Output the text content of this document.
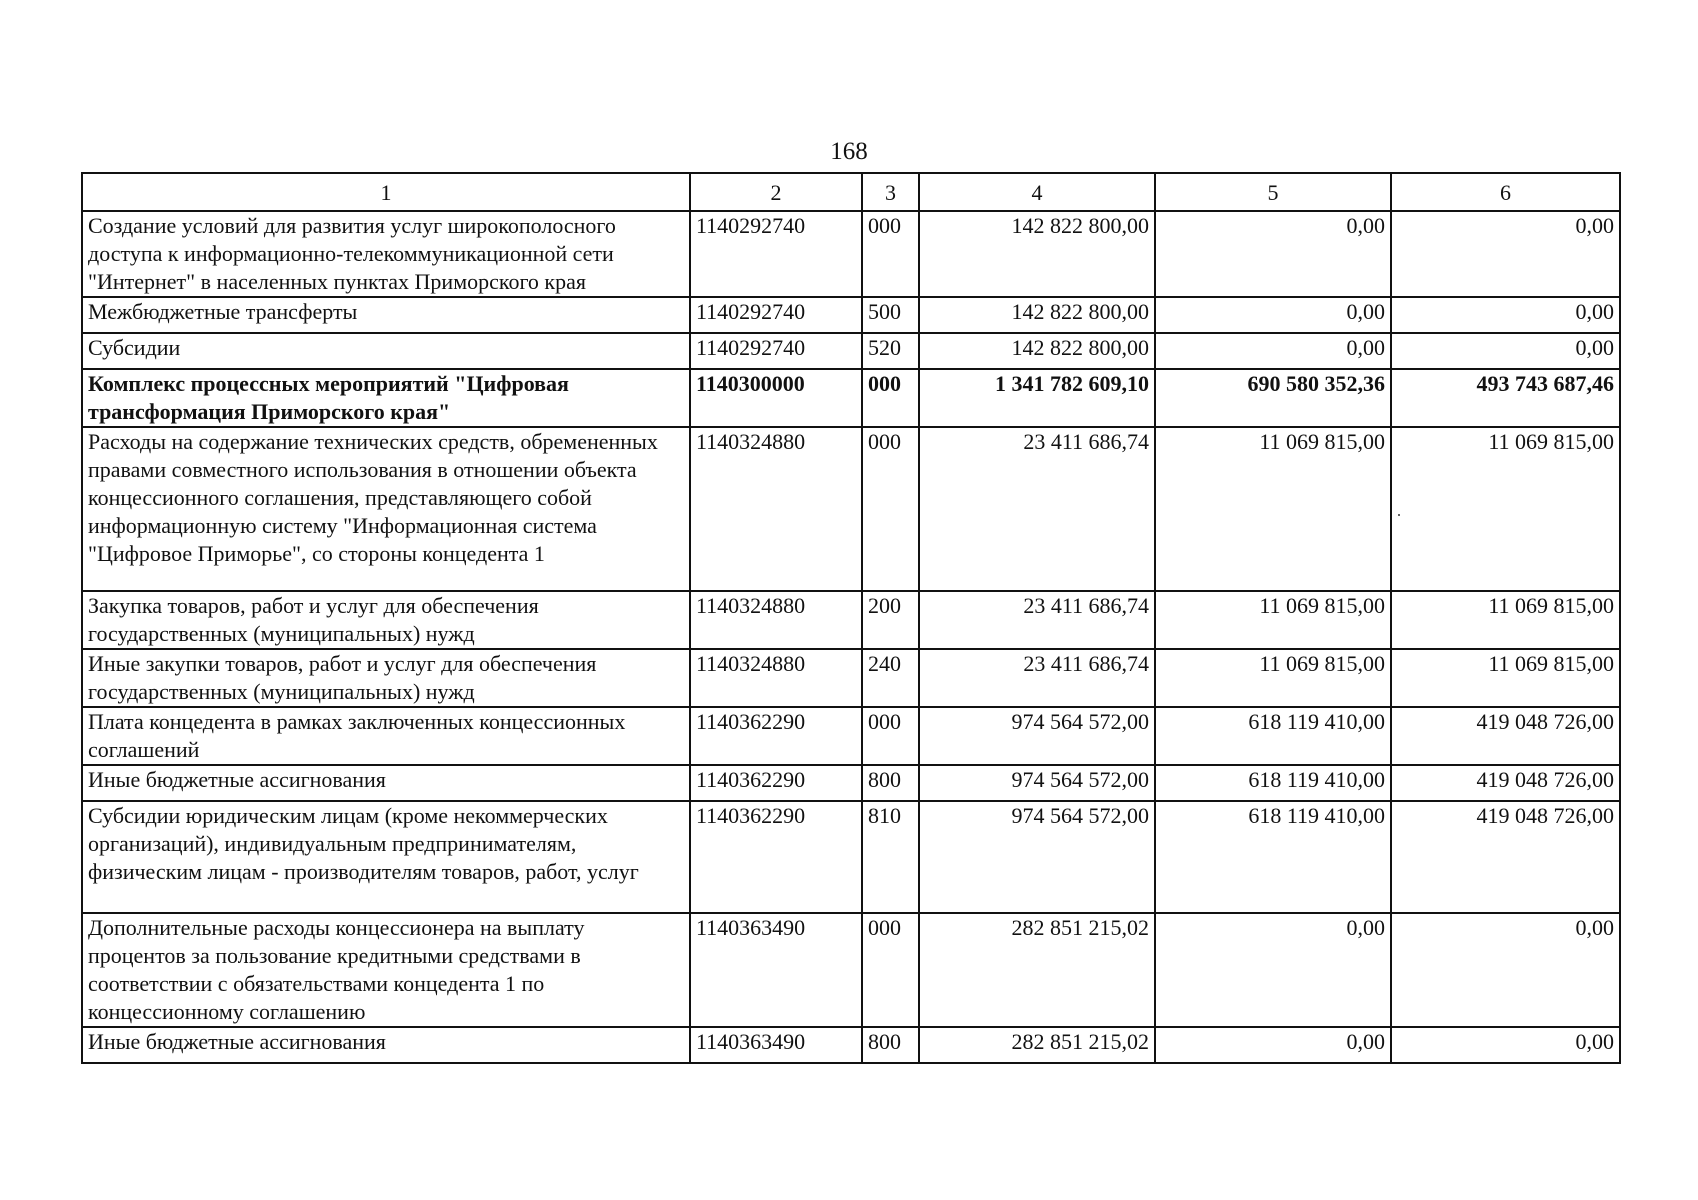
168
1	2	3	4	5	6
Создание условий для развития услуг широкополосного доступа к информационно-телекоммуникационной сети "Интернет" в населенных пунктах Приморского края	1140292740	000	142 822 800,00	0,00	0,00
Межбюджетные трансферты	1140292740	500	142 822 800,00	0,00	0,00
Субсидии	1140292740	520	142 822 800,00	0,00	0,00
Комплекс процессных мероприятий "Цифровая трансформация Приморского края"	1140300000	000	1 341 782 609,10	690 580 352,36	493 743 687,46
Расходы на содержание технических средств, обремененных правами совместного использования в отношении объекта концессионного соглашения, представляющего собой информационную систему "Информационная система "Цифровое Приморье", со стороны концедента 1	1140324880	000	23 411 686,74	11 069 815,00	11 069 815,00
Закупка товаров, работ и услуг для обеспечения государственных (муниципальных) нужд	1140324880	200	23 411 686,74	11 069 815,00	11 069 815,00
Иные закупки товаров, работ и услуг для обеспечения государственных (муниципальных) нужд	1140324880	240	23 411 686,74	11 069 815,00	11 069 815,00
Плата концедента в рамках заключенных концессионных соглашений	1140362290	000	974 564 572,00	618 119 410,00	419 048 726,00
Иные бюджетные ассигнования	1140362290	800	974 564 572,00	618 119 410,00	419 048 726,00
Субсидии юридическим лицам (кроме некоммерческих организаций), индивидуальным предпринимателям, физическим лицам - производителям товаров, работ, услуг	1140362290	810	974 564 572,00	618 119 410,00	419 048 726,00
Дополнительные расходы концессионера на выплату процентов за пользование кредитными средствами в соответствии с обязательствами концедента 1 по концессионному соглашению	1140363490	000	282 851 215,02	0,00	0,00
Иные бюджетные ассигнования	1140363490	800	282 851 215,02	0,00	0,00
